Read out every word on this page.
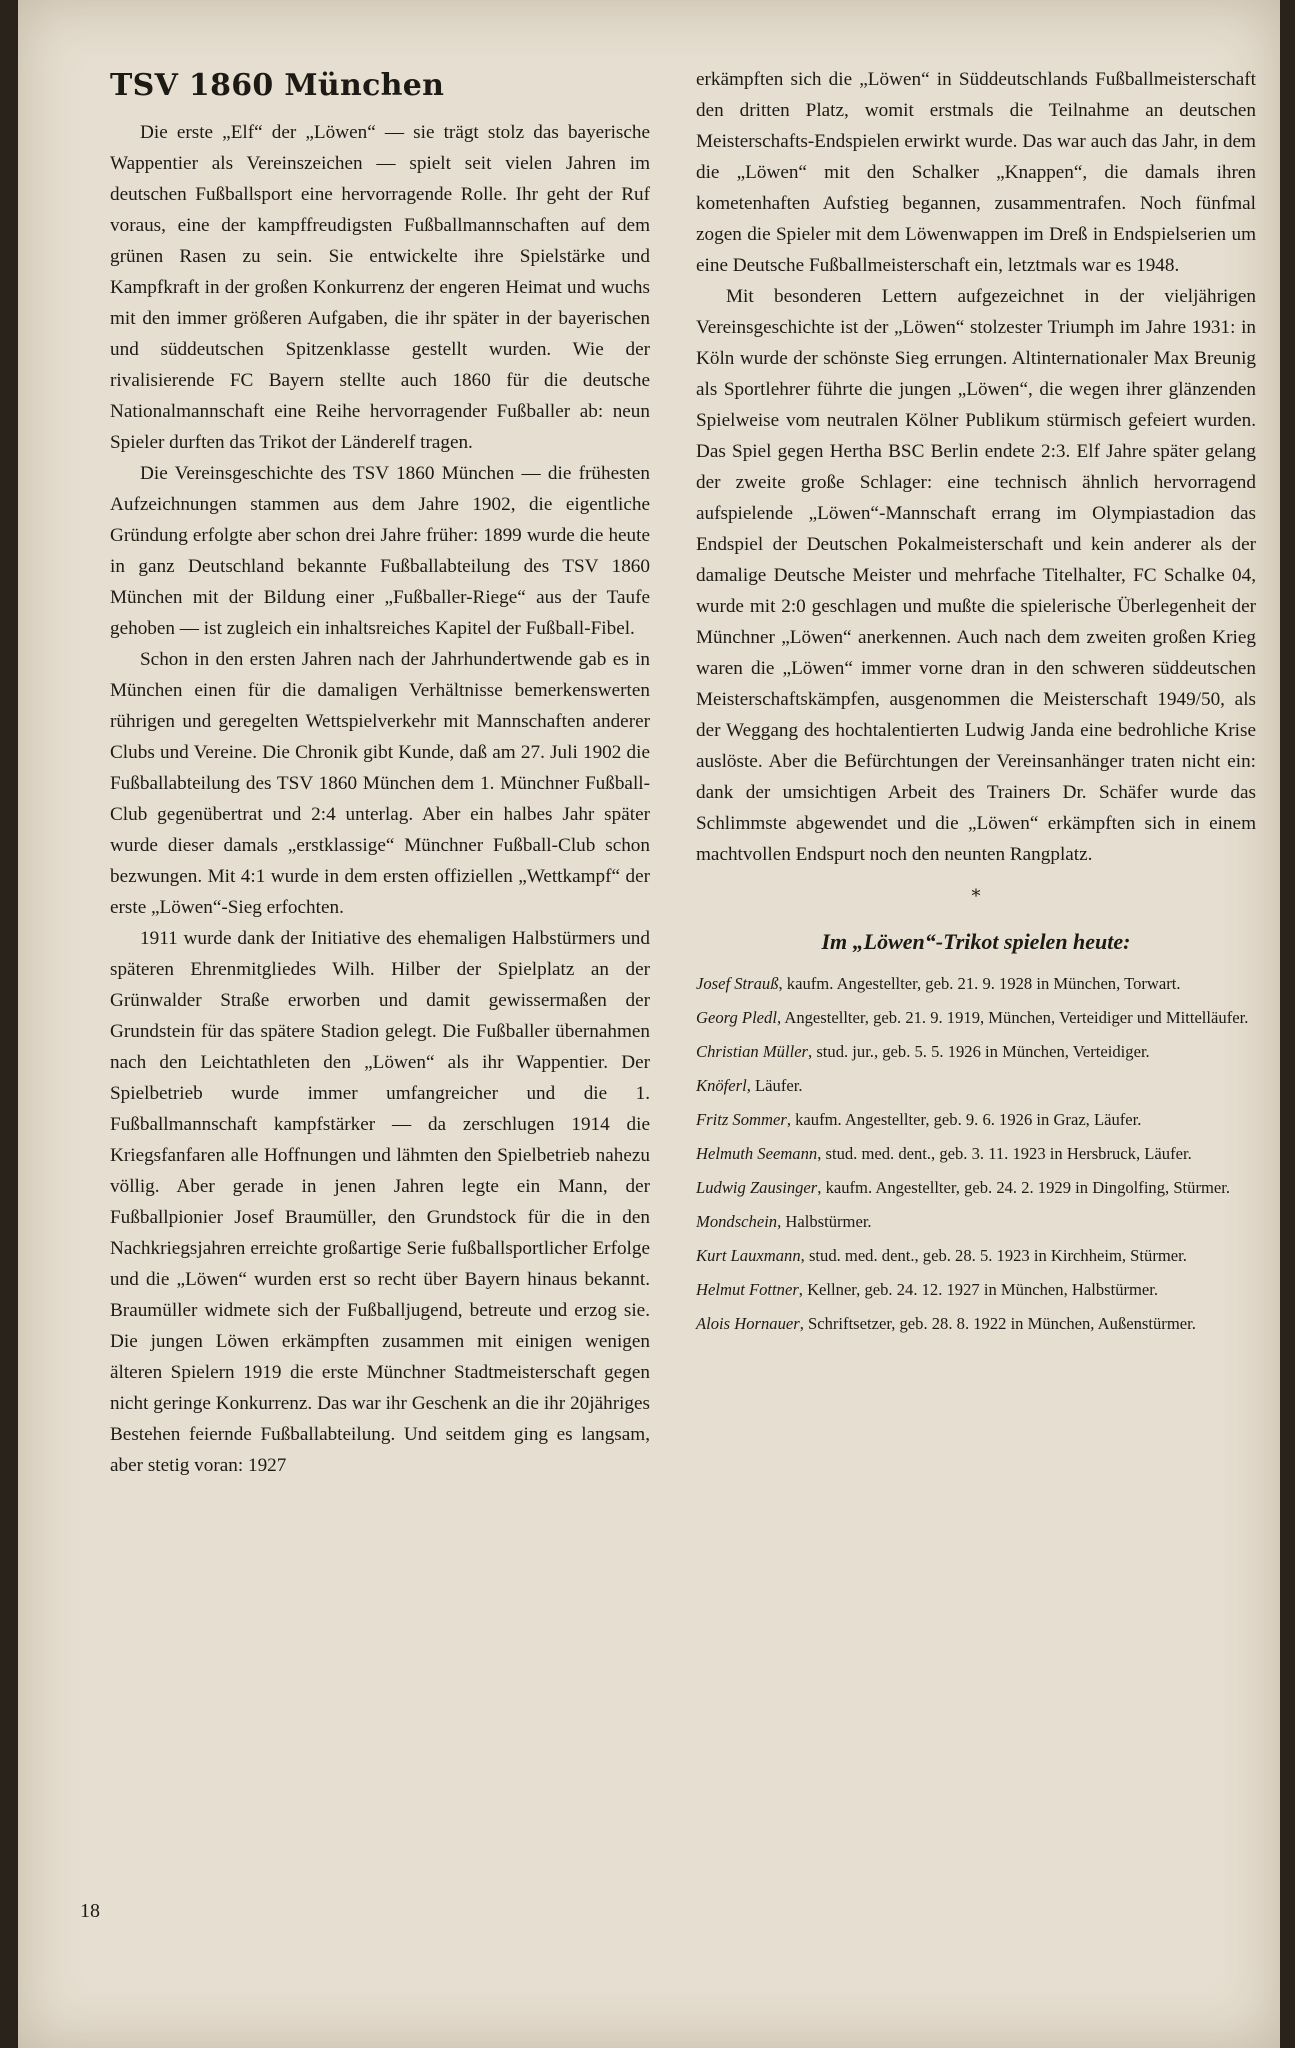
TSV 1860 München

Die erste „Elf“ der „Löwen“ — sie trägt stolz das bayerische Wappentier als Vereinszeichen — spielt seit vielen Jahren im deutschen Fußballsport eine hervorragende Rolle. Ihr geht der Ruf voraus, eine der kampffreudigsten Fußballmannschaften auf dem grünen Rasen zu sein. Sie entwickelte ihre Spielstärke und Kampfkraft in der großen Konkurrenz der engeren Heimat und wuchs mit den immer größeren Aufgaben, die ihr später in der bayerischen und süddeutschen Spitzenklasse gestellt wurden. Wie der rivalisierende FC Bayern stellte auch 1860 für die deutsche Nationalmannschaft eine Reihe hervorragender Fußballer ab: neun Spieler durften das Trikot der Länderelf tragen.

Die Vereinsgeschichte des TSV 1860 München — die frühesten Aufzeichnungen stammen aus dem Jahre 1902, die eigentliche Gründung erfolgte aber schon drei Jahre früher: 1899 wurde die heute in ganz Deutschland bekannte Fußballabteilung des TSV 1860 München mit der Bildung einer „Fußballer-Riege“ aus der Taufe gehoben — ist zugleich ein inhaltsreiches Kapitel der Fußball-Fibel.

Schon in den ersten Jahren nach der Jahrhundertwende gab es in München einen für die damaligen Verhältnisse bemerkenswerten rührigen und geregelten Wettspielverkehr mit Mannschaften anderer Clubs und Vereine. Die Chronik gibt Kunde, daß am 27. Juli 1902 die Fußballabteilung des TSV 1860 München dem 1. Münchner Fußball-Club gegenübertrat und 2:4 unterlag. Aber ein halbes Jahr später wurde dieser damals „erstklassige“ Münchner Fußball-Club schon bezwungen. Mit 4:1 wurde in dem ersten offiziellen „Wettkampf“ der erste „Löwen“-Sieg erfochten.

1911 wurde dank der Initiative des ehemaligen Halbstürmers und späteren Ehrenmitgliedes Wilh. Hilber der Spielplatz an der Grünwalder Straße erworben und damit gewissermaßen der Grundstein für das spätere Stadion gelegt. Die Fußballer übernahmen nach den Leichtathleten den „Löwen“ als ihr Wappentier. Der Spielbetrieb wurde immer umfangreicher und die 1. Fußballmannschaft kampfstärker — da zerschlugen 1914 die Kriegsfanfaren alle Hoffnungen und lähmten den Spielbetrieb nahezu völlig. Aber gerade in jenen Jahren legte ein Mann, der Fußballpionier Josef Braumüller, den Grundstock für die in den Nachkriegsjahren erreichte großartige Serie fußballsportlicher Erfolge und die „Löwen“ wurden erst so recht über Bayern hinaus bekannt. Braumüller widmete sich der Fußballjugend, betreute und erzog sie. Die jungen Löwen erkämpften zusammen mit einigen wenigen älteren Spielern 1919 die erste Münchner Stadtmeisterschaft gegen nicht geringe Konkurrenz. Das war ihr Geschenk an die ihr 20jähriges Bestehen feiernde Fußballabteilung. Und seitdem ging es langsam, aber stetig voran: 1927

erkämpften sich die „Löwen“ in Süddeutschlands Fußballmeisterschaft den dritten Platz, womit erstmals die Teilnahme an deutschen Meisterschafts-Endspielen erwirkt wurde. Das war auch das Jahr, in dem die „Löwen“ mit den Schalker „Knappen“, die damals ihren kometenhaften Aufstieg begannen, zusammentrafen. Noch fünfmal zogen die Spieler mit dem Löwenwappen im Dreß in Endspielserien um eine Deutsche Fußballmeisterschaft ein, letztmals war es 1948.

Mit besonderen Lettern aufgezeichnet in der vieljährigen Vereinsgeschichte ist der „Löwen“ stolzester Triumph im Jahre 1931: in Köln wurde der schönste Sieg errungen. Altinternationaler Max Breunig als Sportlehrer führte die jungen „Löwen“, die wegen ihrer glänzenden Spielweise vom neutralen Kölner Publikum stürmisch gefeiert wurden. Das Spiel gegen Hertha BSC Berlin endete 2:3. Elf Jahre später gelang der zweite große Schlager: eine technisch ähnlich hervorragend aufspielende „Löwen“-Mannschaft errang im Olympiastadion das Endspiel der Deutschen Pokalmeisterschaft und kein anderer als der damalige Deutsche Meister und mehrfache Titelhalter, FC Schalke 04, wurde mit 2:0 geschlagen und mußte die spielerische Überlegenheit der Münchner „Löwen“ anerkennen. Auch nach dem zweiten großen Krieg waren die „Löwen“ immer vorne dran in den schweren süddeutschen Meisterschaftskämpfen, ausgenommen die Meisterschaft 1949/50, als der Weggang des hochtalentierten Ludwig Janda eine bedrohliche Krise auslöste. Aber die Befürchtungen der Vereinsanhänger traten nicht ein: dank der umsichtigen Arbeit des Trainers Dr. Schäfer wurde das Schlimmste abgewendet und die „Löwen“ erkämpften sich in einem machtvollen Endspurt noch den neunten Rangplatz.

*
Im „Löwen“-Trikot spielen heute:

Josef Strauß, kaufm. Angestellter, geb. 21. 9. 1928 in München, Torwart.

Georg Pledl, Angestellter, geb. 21. 9. 1919, München, Verteidiger und Mittelläufer.

Christian Müller, stud. jur., geb. 5. 5. 1926 in München, Verteidiger.

Knöferl, Läufer.

Fritz Sommer, kaufm. Angestellter, geb. 9. 6. 1926 in Graz, Läufer.

Helmuth Seemann, stud. med. dent., geb. 3. 11. 1923 in Hersbruck, Läufer.

Ludwig Zausinger, kaufm. Angestellter, geb. 24. 2. 1929 in Dingolfing, Stürmer.

Mondschein, Halbstürmer.

Kurt Lauxmann, stud. med. dent., geb. 28. 5. 1923 in Kirchheim, Stürmer.

Helmut Fottner, Kellner, geb. 24. 12. 1927 in München, Halbstürmer.

Alois Hornauer, Schriftsetzer, geb. 28. 8. 1922 in München, Außenstürmer.

18
